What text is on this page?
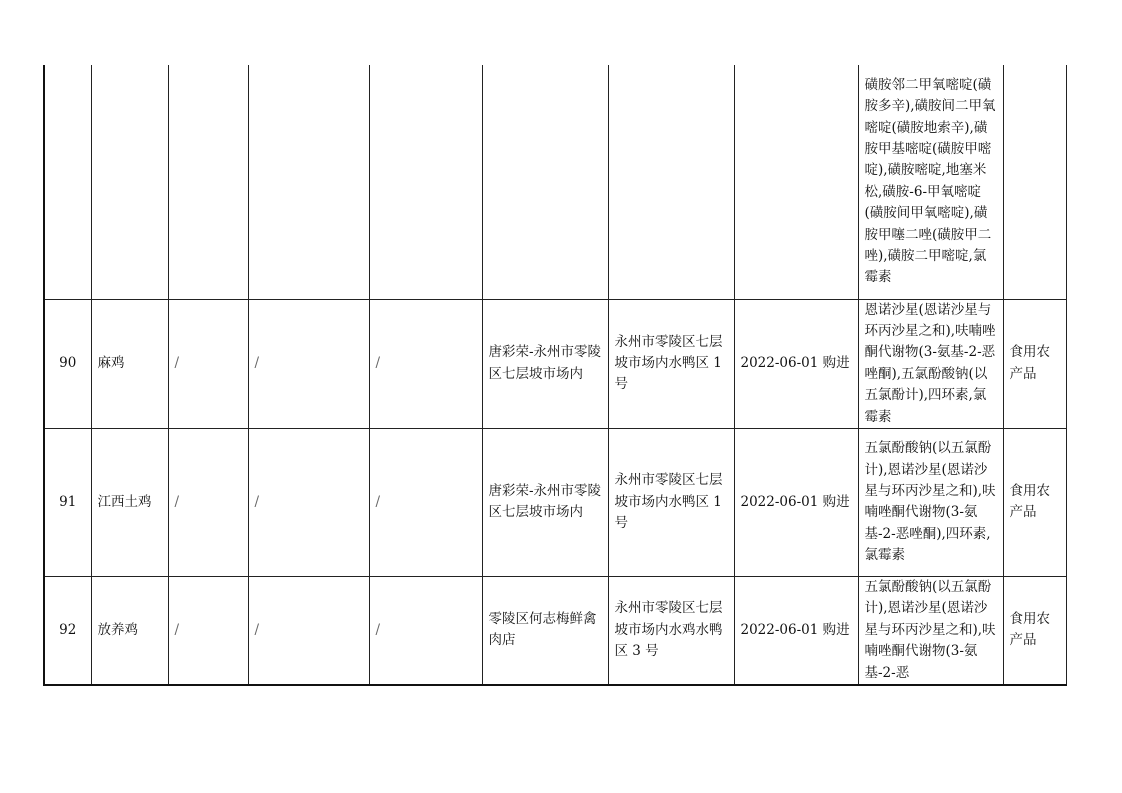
								磺胺邻二甲氧嘧啶(磺胺多辛),磺胺间二甲氧嘧啶(磺胺地索辛),磺胺甲基嘧啶(磺胺甲嘧啶),磺胺嘧啶,地塞米松,磺胺-6-甲氧嘧啶(磺胺间甲氧嘧啶),磺胺甲噻二唑(磺胺甲二唑),磺胺二甲嘧啶,氯霉素	
90	麻鸡	/	/	/	唐彩荣-永州市零陵区七层坡市场内	永州市零陵区七层坡市场内水鸭区 1 号	2022-06-01 购进	恩诺沙星(恩诺沙星与环丙沙星之和),呋喃唑酮代谢物(3-氨基-2-恶唑酮),五氯酚酸钠(以五氯酚计),四环素,氯霉素	食用农产品
91	江西土鸡	/	/	/	唐彩荣-永州市零陵区七层坡市场内	永州市零陵区七层坡市场内水鸭区 1 号	2022-06-01 购进	五氯酚酸钠(以五氯酚计),恩诺沙星(恩诺沙星与环丙沙星之和),呋喃唑酮代谢物(3-氨基-2-恶唑酮),四环素,氯霉素	食用农产品
92	放养鸡	/	/	/	零陵区何志梅鲜禽肉店	永州市零陵区七层坡市场内水鸡水鸭区 3 号	2022-06-01 购进	五氯酚酸钠(以五氯酚计),恩诺沙星(恩诺沙星与环丙沙星之和),呋喃唑酮代谢物(3-氨基-2-恶	食用农产品
